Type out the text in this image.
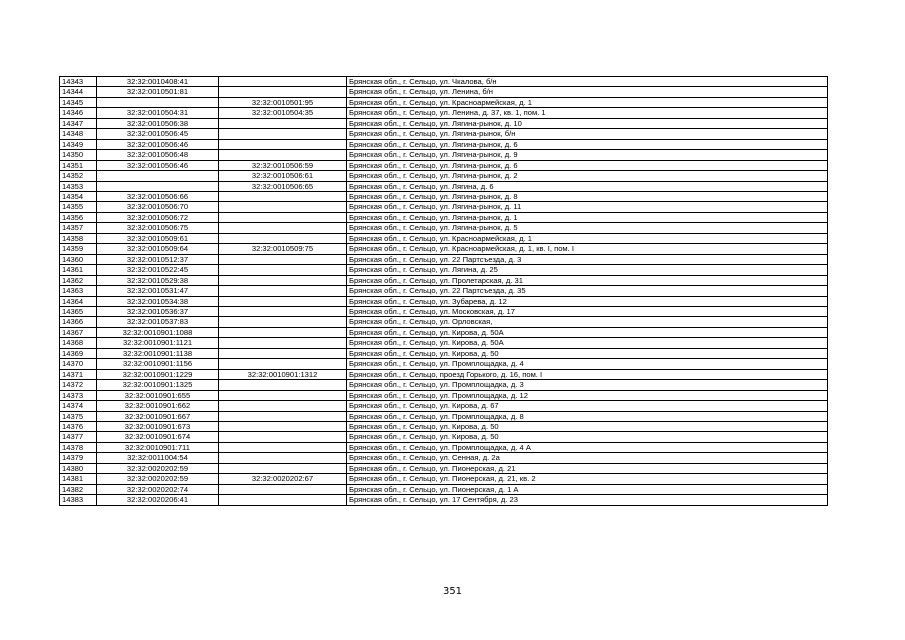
14343	32:32:0010408:41		Брянская обл., г. Сельцо, ул. Чкалова, б/н
14344	32:32:0010501:81		Брянская обл., г. Сельцо, ул. Ленина, б/н
14345		32:32:0010501:95	Брянская обл., г. Сельцо, ул. Красноармейская, д. 1
14346	32:32:0010504:31	32:32:0010504:35	Брянская обл., г. Сельцо, ул. Ленина, д. 37, кв. 1, пом. 1
14347	32:32:0010506:38		Брянская обл., г. Сельцо, ул. Лягина-рынок, д. 10
14348	32:32:0010506:45		Брянская обл., г. Сельцо, ул. Лягина-рынок, б/н
14349	32:32:0010506:46		Брянская обл., г. Сельцо, ул. Лягина-рынок, д. 6
14350	32:32:0010506:48		Брянская обл., г. Сельцо, ул. Лягина-рынок, д. 9
14351	32:32:0010506:46	32:32:0010506:59	Брянская обл., г. Сельцо, ул. Лягина-рынок, д. 6
14352		32:32:0010506:61	Брянская обл., г. Сельцо, ул. Лягина-рынок, д. 2
14353		32:32:0010506:65	Брянская обл., г. Сельцо, ул. Лягина, д. 6
14354	32:32:0010506:66		Брянская обл., г. Сельцо, ул. Лягина-рынок, д. 8
14355	32:32:0010506:70		Брянская обл., г. Сельцо, ул. Лягина-рынок, д. 11
14356	32:32:0010506:72		Брянская обл., г. Сельцо, ул. Лягина-рынок, д. 1
14357	32:32:0010506:75		Брянская обл., г. Сельцо, ул. Лягина-рынок, д. 5
14358	32:32:0010509:61		Брянская обл., г. Сельцо, ул. Красноармейская, д. 1
14359	32:32:0010509:64	32:32:0010509:75	Брянская обл., г. Сельцо, ул. Красноармейская, д. 1, кв. I, пом. I
14360	32:32:0010512:37		Брянская обл., г. Сельцо, ул. 22 Партсъезда, д. 3
14361	32:32:0010522:45		Брянская обл., г. Сельцо, ул. Лягина, д. 25
14362	32:32:0010529:38		Брянская обл., г. Сельцо, ул. Пролетарская, д. 31
14363	32:32:0010531:47		Брянская обл., г. Сельцо, ул. 22 Партсъезда, д. 35
14364	32:32:0010534:38		Брянская обл., г. Сельцо, ул. Зубарева, д. 12
14365	32:32:0010536:37		Брянская обл., г. Сельцо, ул. Московская, д. 17
14366	32:32:0010537:83		Брянская обл., г. Сельцо, ул. Орловская,
14367	32:32:0010901:1088		Брянская обл., г. Сельцо, ул. Кирова, д. 50А
14368	32:32:0010901:1121		Брянская обл., г. Сельцо, ул. Кирова, д. 50А
14369	32:32:0010901:1138		Брянская обл., г. Сельцо, ул. Кирова, д. 50
14370	32:32:0010901:1156		Брянская обл., г. Сельцо, ул. Промплощадка, д. 4
14371	32:32:0010901:1229	32:32:0010901:1312	Брянская обл., г. Сельцо, проезд Горького, д. 16, пом. I
14372	32:32:0010901:1325		Брянская обл., г. Сельцо, ул. Промплощадка, д. 3
14373	32:32:0010901:655		Брянская обл., г. Сельцо, ул. Промплощадка, д. 12
14374	32:32:0010901:662		Брянская обл., г. Сельцо, ул. Кирова, д. 67
14375	32:32:0010901:667		Брянская обл., г. Сельцо, ул. Промплощадка, д. 8
14376	32:32:0010901:673		Брянская обл., г. Сельцо, ул. Кирова, д. 50
14377	32:32:0010901:674		Брянская обл., г. Сельцо, ул. Кирова, д. 50
14378	32:32:0010901:711		Брянская обл., г. Сельцо, ул. Промплощадка, д. 4 А
14379	32:32:0011004:54		Брянская обл., г. Сельцо, ул. Сенная, д. 2а
14380	32:32:0020202:59		Брянская обл., г. Сельцо, ул. Пионерская, д. 21
14381	32:32:0020202:59	32:32:0020202:67	Брянская обл., г. Сельцо, ул. Пионерская, д. 21, кв. 2
14382	32:32:0020202:74		Брянская обл., г. Сельцо, ул. Пионерская, д. 1 А
14383	32:32:0020206:41		Брянская обл., г. Сельцо, ул. 17 Сентября, д. 23
351
